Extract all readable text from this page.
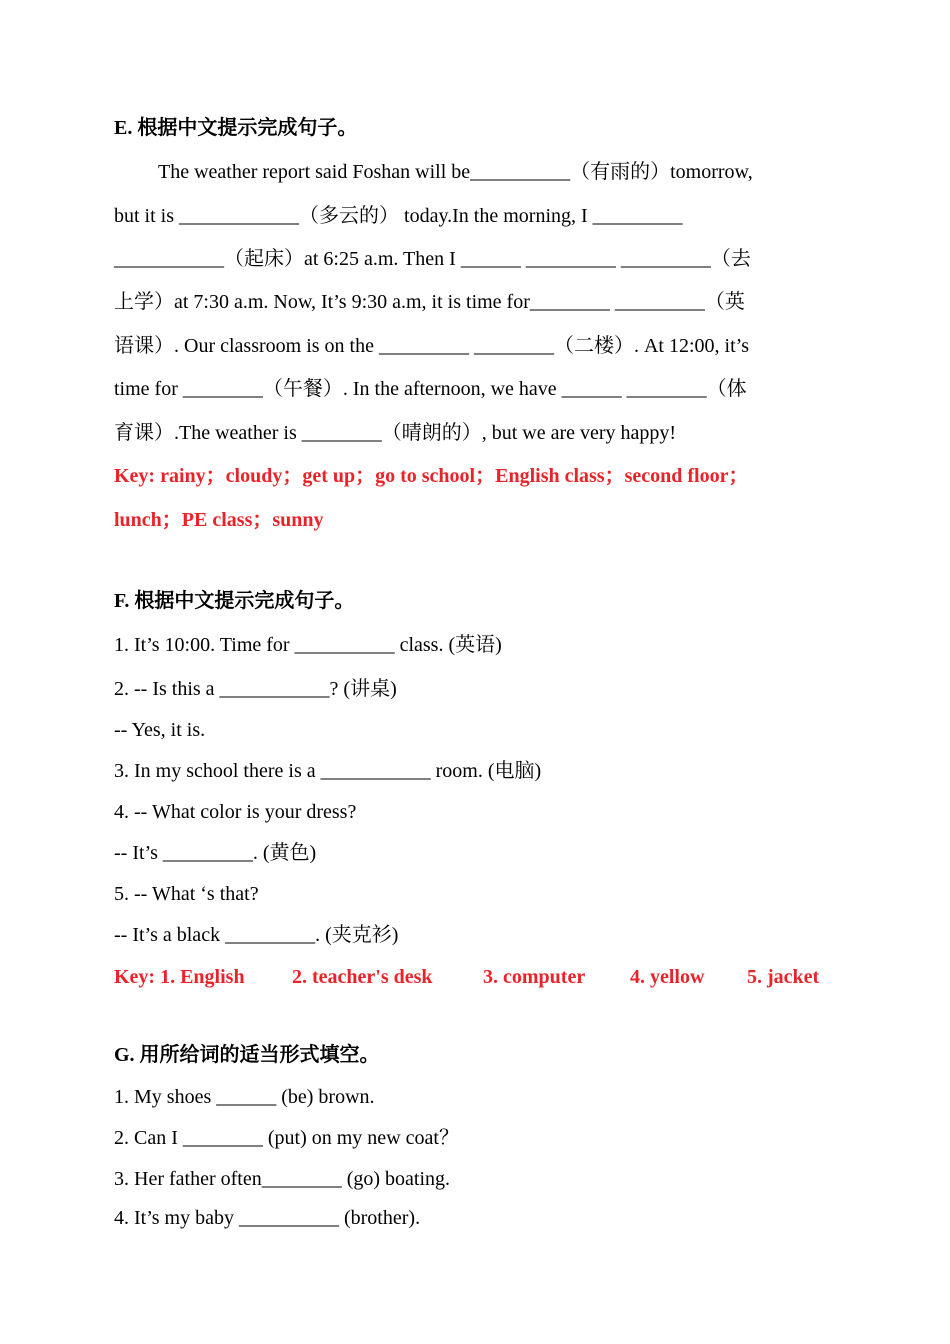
E. 根据中文提示完成句子。
The weather report said Foshan will be__________（有雨的）tomorrow,
but it is ____________（多云的） today.In the morning, I _________
___________（起床）at 6:25 a.m. Then I ______ _________ _________（去
上学）at 7:30 a.m. Now, It’s 9:30 a.m, it is time for________ _________（英
语课）. Our classroom is on the _________ ________（二楼）. At 12:00, it’s
time for ________（午餐）. In the afternoon, we have ______ ________（体
育课）.The weather is ________（晴朗的）, but we are very happy!
Key: rainy；cloudy；get up；go to school；English class；second floor；
lunch；PE class；sunny
F. 根据中文提示完成句子。
1. It’s 10:00. Time for __________ class. (英语)
2. -- Is this a ___________? (讲桌)
-- Yes, it is.
3. In my school there is a ___________ room. (电脑)
4. -- What color is your dress?
-- It’s _________. (黄色)
5. -- What ‘s that?
-- It’s a black _________. (夹克衫)
Key: 1. English 2. teacher's desk	3. computer 4. yellow 5. jacket
G. 用所给词的适当形式填空。
1. My shoes ______ (be) brown.
2. Can I ________ (put) on my new coat？
3. Her father often________ (go) boating.
4. It’s my baby __________ (brother).
